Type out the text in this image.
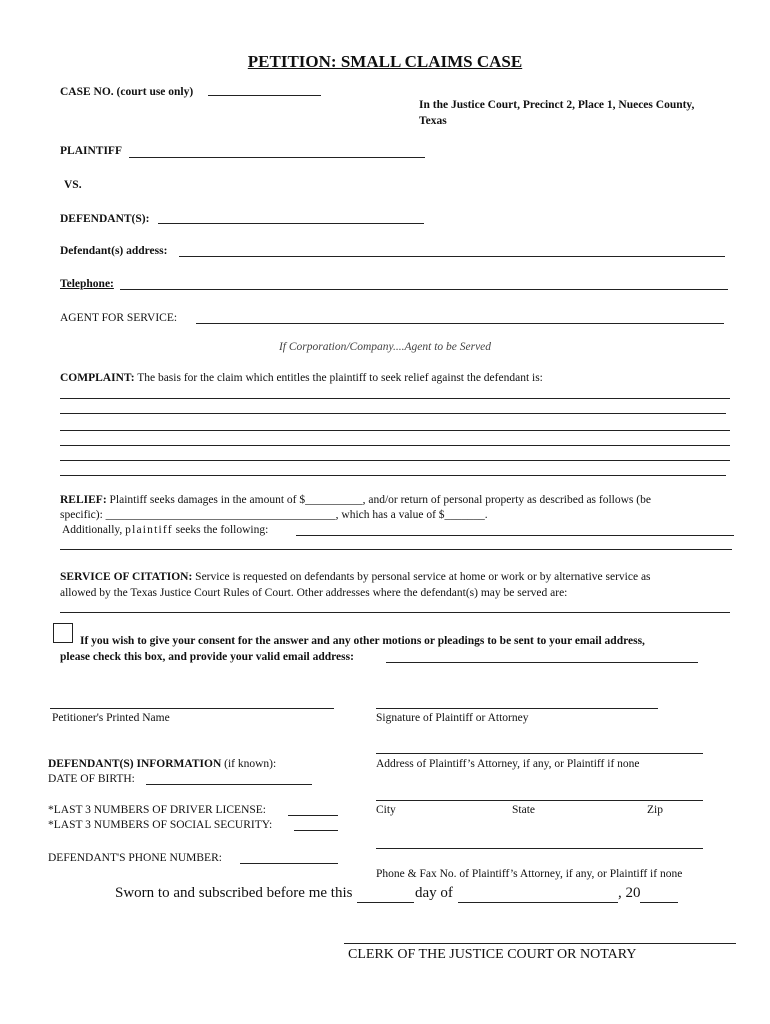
PETITION: SMALL CLAIMS CASE
CASE NO. (court use only)
In the Justice Court, Precinct 2, Place 1, Nueces County,
Texas
PLAINTIFF
VS.
DEFENDANT(S):
Defendant(s) address:
Telephone:
AGENT FOR SERVICE:
If Corporation/Company....Agent to be Served
COMPLAINT: The basis for the claim which entitles the plaintiff to seek relief against the defendant is:
RELIEF: Plaintiff seeks damages in the amount of $__________, and/or return of personal property as described as follows (be
specific): ________________________________________, which has a value of $_______.
Additionally, plaintiff seeks the following:
SERVICE OF CITATION: Service is requested on defendants by personal service at home or work or by alternative service as
allowed by the Texas Justice Court Rules of Court. Other addresses where the defendant(s) may be served are:
If you wish to give your consent for the answer and any other motions or pleadings to be sent to your email address,
please check this box, and provide your valid email address:
Petitioner's Printed Name	Signature of Plaintiff or Attorney
DEFENDANT(S) INFORMATION (if known):
DATE OF BIRTH:
*LAST 3 NUMBERS OF DRIVER LICENSE:
*LAST 3 NUMBERS OF SOCIAL SECURITY:
DEFENDANT'S PHONE NUMBER:
Address of Plaintiff’s Attorney, if any, or Plaintiff if none
City	State	Zip
Phone & Fax No. of Plaintiff’s Attorney, if any, or Plaintiff if none
Sworn to and subscribed before me this	day of	, 20
CLERK OF THE JUSTICE COURT OR NOTARY
